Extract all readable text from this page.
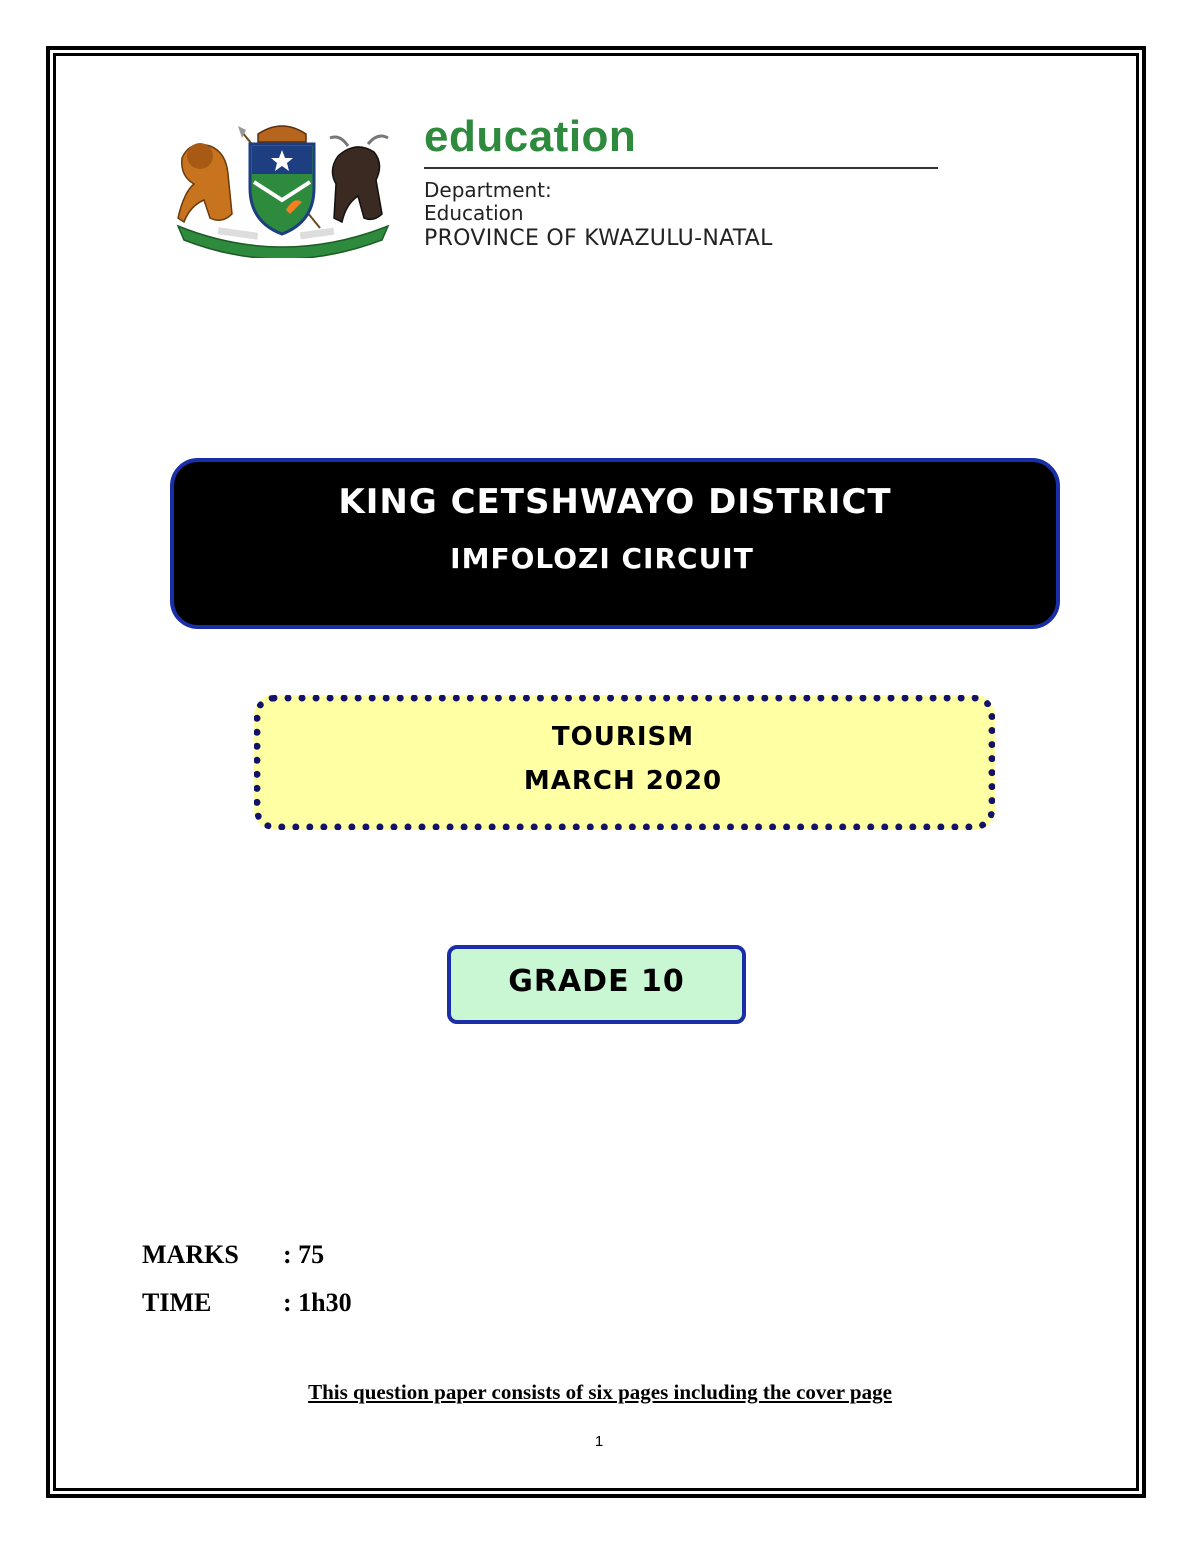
education
Department:
Education
PROVINCE OF KWAZULU-NATAL
KING CETSHWAYO DISTRICT
IMFOLOZI CIRCUIT
TOURISM
MARCH 2020
GRADE 10
MARKS : 75
TIME	: 1h30
This question paper consists of six pages including the cover page
1
